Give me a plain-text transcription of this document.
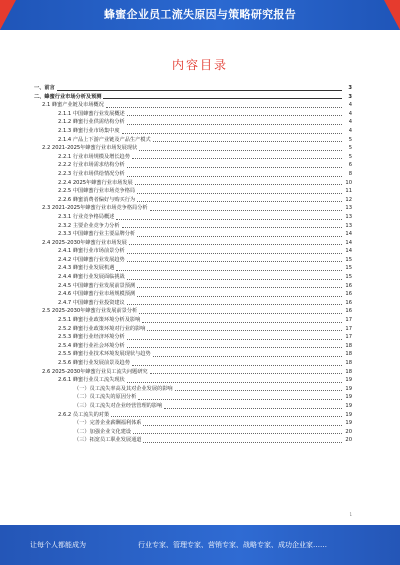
蜂蜜企业员工流失原因与策略研究报告
内容目录
一、前言	3
二、蜂蜜行业市场分析及预测	3
2.1 蜂蜜产业链及市场概况	4
2.1.1 中国蜂蜜行业发展概述	4
2.1.2 蜂蜜行业供需结构分析	4
2.1.3 蜂蜜行业市场集中度	4
2.1.4 产品上下游产业链及产品生产模式	5
2.2 2021-2025年蜂蜜行业市场发展现状	5
2.2.1 行业市场规模及增长趋势	5
2.2.2 行业市场需求结构分析	6
2.2.3 行业市场供给情况分析	8
2.2.4 2025年蜂蜜行业市场发展	10
2.2.5 中国蜂蜜行业市场竞争格局	11
2.2.6 蜂蜜消费者偏好与购买行为	12
2.3 2021-2025年蜂蜜行业市场竞争格局分析	13
2.3.1 行业竞争格局概述	13
2.3.2 主要企业竞争力分析	13
2.3.3 中国蜂蜜行业主要品牌分析	14
2.4 2025-2030年蜂蜜行业市场发展	14
2.4.1 蜂蜜行业市场前景分析	14
2.4.2 中国蜂蜜行业发展趋势	15
2.4.3 蜂蜜行业发展机遇	15
2.4.4 蜂蜜行业发展面临挑战	15
2.4.5 中国蜂蜜行业发展前景预测	16
2.4.6 中国蜂蜜行业市场规模预测	16
2.4.7 中国蜂蜜行业投资建议	16
2.5 2025-2030年蜂蜜行业发展前景分析	16
2.5.1 蜂蜜行业政策环境分析及影响	17
2.5.2 蜂蜜行业政策环境对行业的影响	17
2.5.3 蜂蜜行业经济环境分析	17
2.5.4 蜂蜜行业社会环境分析	18
2.5.5 蜂蜜行业技术环境发展现状与趋势	18
2.5.6 蜂蜜行业发展前景及趋势	18
2.6 2025-2030年蜂蜜行业员工流失问题研究	18
2.6.1 蜂蜜行业员工流失现状	19
（一）员工流失率高及其对企业发展的影响	19
（二）员工流失的原因分析	19
（三）员工流失对企业经营管理的影响	19
2.6.2 员工流失的对策	19
（一）完善企业薪酬福利体系	19
（二）加强企业文化建设	20
（三）拓宽员工职业发展通道	20
1
让每个人都能成为	行业专家、管理专家、营销专家、战略专家、成功企业家……
